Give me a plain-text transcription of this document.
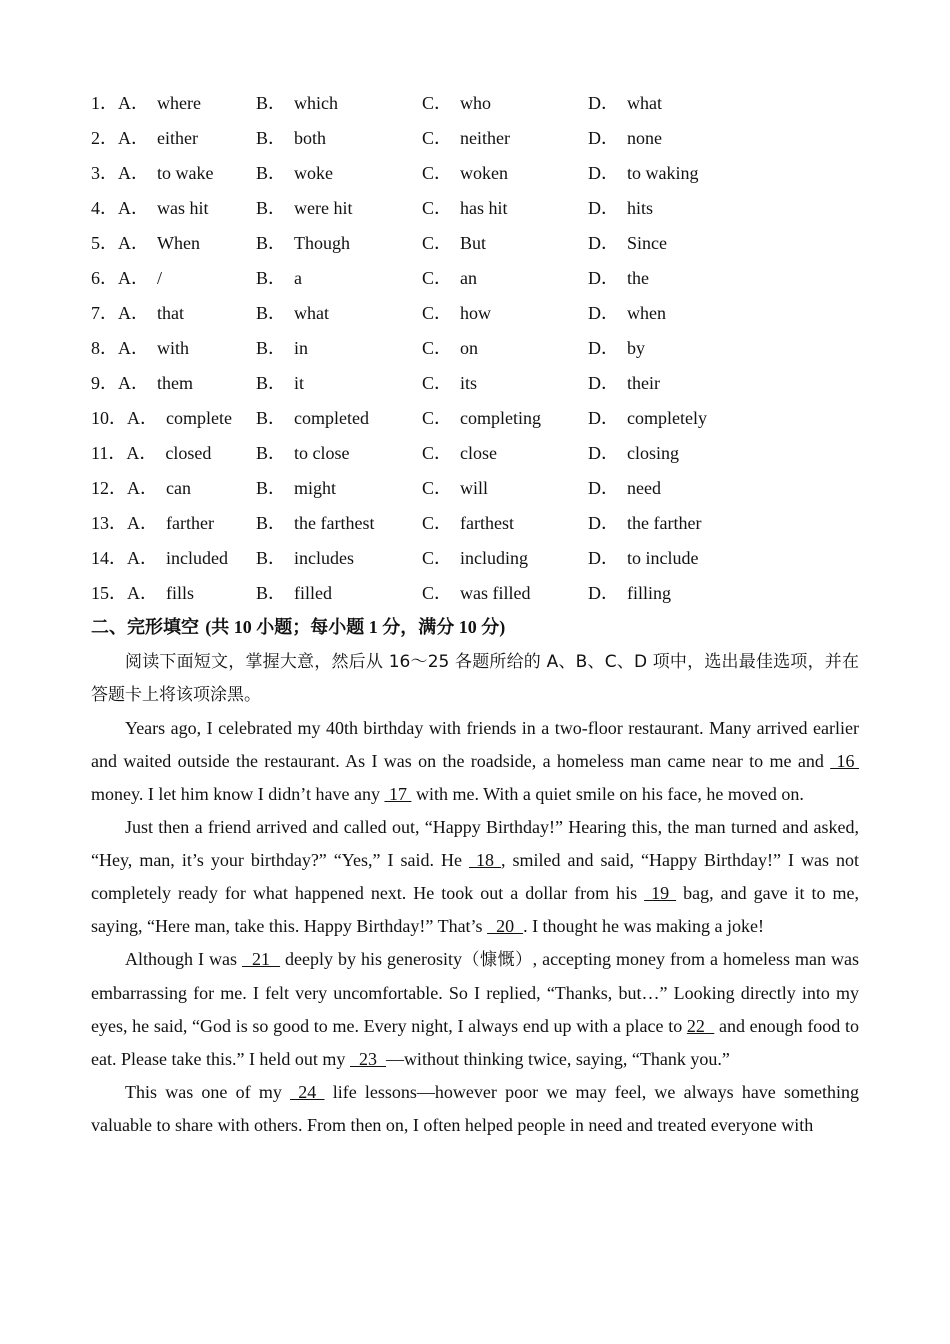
1．A． where	B． which	C． who	D． what
2．A． either	B． both	C． neither	D． none
3．A． to wake B． woke	C． woken	D． to waking
4．A． was hit	B． were hit	C． has hit	D． hits
5．A． When	B． Though	C． But	D． Since
6．A． /	B． a	C． an	D． the
7．A． that	B． what	C． how	D． when
8．A． with	B． in	C． on	D． by
9．A． them	B． it	C． its	D． their
10．A． complete B． completed	C． completing	D． completely
11．A． closed B． to close	C． close	D． closing
12．A． can	B． might	C． will	D． need
13．A． farther B． the farthest	C． farthest	D． the farther
14．A． included B． includes	C． including	D． to include
15．A． fills	B． filled	C． was filled	D． filling
二、完形填空 (共 10 小题；每小题 1 分，满分 10 分)

阅读下面短文，掌握大意，然后从 16～25 各题所给的 A、B、C、D 项中，选出最佳选项，并在答题卡上将该项涂黑。

Years ago, I celebrated my 40th birthday with friends in a two-floor restaurant. Many arrived earlier and waited outside the restaurant. As I was on the roadside, a homeless man came near to me and  16  money. I let him know I didn’t have any  17  with me. With a quiet smile on his face, he moved on.

Just then a friend arrived and called out, “Happy Birthday!” Hearing this, the man turned and asked, “Hey, man, it’s your birthday?” “Yes,” I said. He  18 , smiled and said, “Happy Birthday!” I was not completely ready for what happened next. He took out a dollar from his  19  bag, and gave it to me, saying, “Here man, take this. Happy Birthday!” That’s   20  . I thought he was making a joke!

Although I was   21   deeply by his generosity（慷慨）, accepting money from a homeless man was embarrassing for me. I felt very uncomfortable. So I replied, “Thanks, but…” Looking directly into my eyes, he said, “God is so good to me. Every night, I always end up with a place to 22   and enough food to eat. Please take this.” I held out my   23  —without thinking twice, saying, “Thank you.”

This was one of my  24  life lessons—however poor we may feel, we always have something valuable to share with others. From then on, I often helped people in need and treated everyone with
